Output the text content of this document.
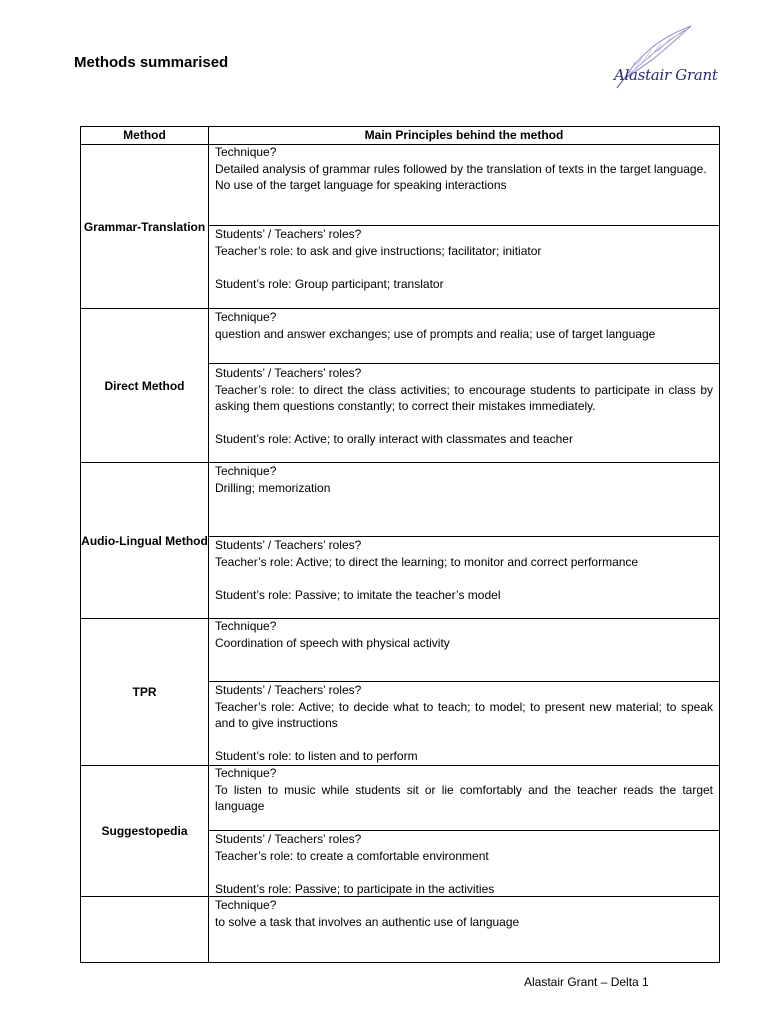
Methods summarised
Alastair Grant
Method	Main Principles behind the method
Grammar-Translation

Technique?

Detailed analysis of grammar rules followed by the translation of texts in the target language.

No use of the target language for speaking interactions

Students’ / Teachers’ roles?

Teacher’s role: to ask and give instructions; facilitator; initiator

Student’s role: Group participant; translator

Direct Method

Technique?

question and answer exchanges; use of prompts and realia; use of target language

Students’ / Teachers’ roles?

Teacher’s role: to direct the class activities; to encourage students to participate in class by asking them questions constantly; to correct their mistakes immediately.

Student’s role: Active; to orally interact with classmates and teacher

Audio-Lingual Method

Technique?

Drilling; memorization

Students’ / Teachers’ roles?

Teacher’s role: Active; to direct the learning; to monitor and correct performance

Student’s role: Passive; to imitate the teacher’s model

TPR

Technique?

Coordination of speech with physical activity

Students’ / Teachers’ roles?

Teacher’s role: Active; to decide what to teach; to model; to present new material; to speak and to give instructions

Student’s role: to listen and to perform

Suggestopedia

Technique?

To listen to music while students sit or lie comfortably and the teacher reads the target language

Students’ / Teachers’ roles?

Teacher’s role: to create a comfortable environment

Student’s role: Passive; to participate in the activities

Technique?

to solve a task that involves an authentic use of language

Alastair Grant – Delta 1
